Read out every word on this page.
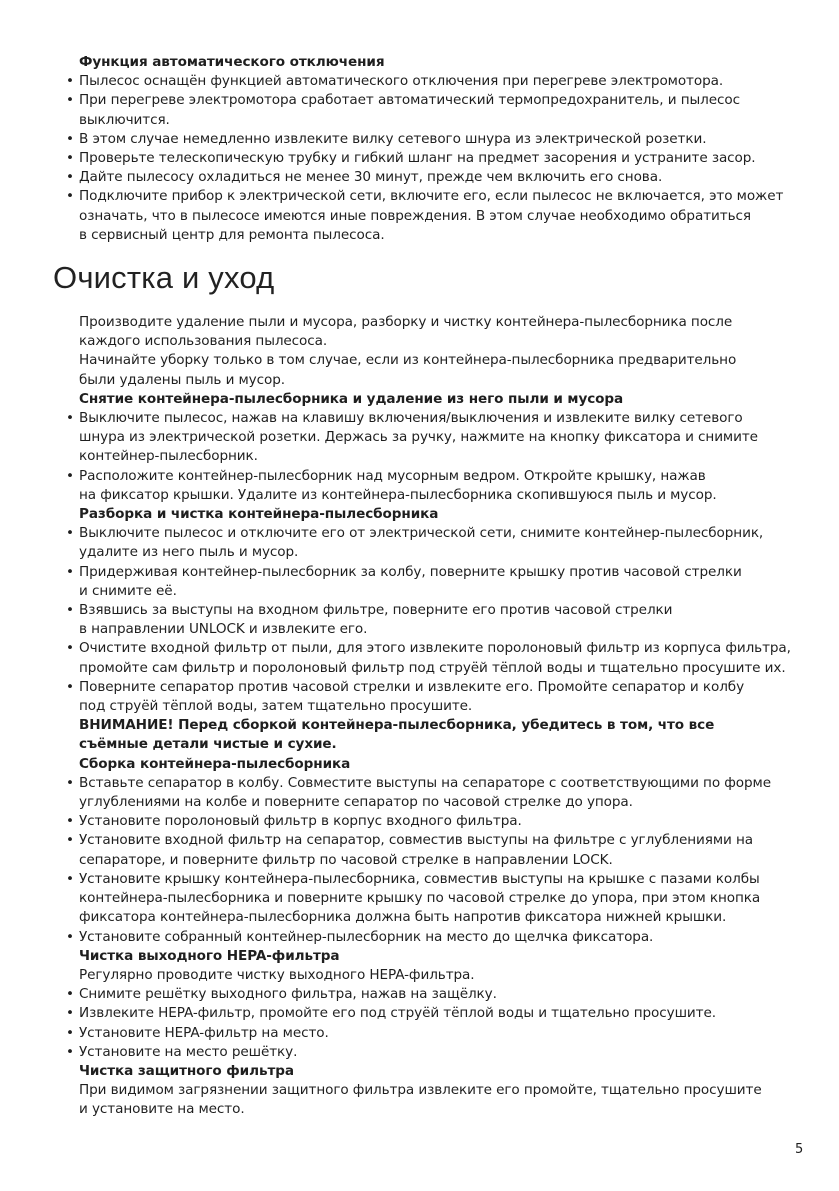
Функция автоматического отключения
• Пылесос оснащён функцией автоматического отключения при перегреве электромотора.
• При перегреве электромотора сработает автоматический термопредохранитель, и пылесос
выключится.
• В этом случае немедленно извлеките вилку сетевого шнура из электрической розетки.
• Проверьте телескопическую трубку и гибкий шланг на предмет засорения и устраните засор.
• Дайте пылесосу охладиться не менее 30 минут, прежде чем включить его снова.
• Подключите прибор к электрической сети, включите его, если пылесос не включается, это может
означать, что в пылесосе имеются иные повреждения. В этом случае необходимо обратиться
в сервисный центр для ремонта пылесоса.
Очистка и уход
Производите удаление пыли и мусора, разборку и чистку контейнера-пылесборника после
каждого использования пылесоса.
Начинайте уборку только в том случае, если из контейнера-пылесборника предварительно
были удалены пыль и мусор.
Снятие контейнера-пылесборника и удаление из него пыли и мусора
• Выключите пылесос, нажав на клавишу включения/выключения и извлеките вилку сетевого
шнура из электрической розетки. Держась за ручку, нажмите на кнопку фиксатора и снимите
контейнер-пылесборник.
• Расположите контейнер-пылесборник над мусорным ведром. Откройте крышку, нажав
на фиксатор крышки. Удалите из контейнера-пылесборника скопившуюся пыль и мусор.
Разборка и чистка контейнера-пылесборника
• Выключите пылесос и отключите его от электрической сети, снимите контейнер-пылесборник,
удалите из него пыль и мусор.
• Придерживая контейнер-пылесборник за колбу, поверните крышку против часовой стрелки
и снимите её.
• Взявшись за выступы на входном фильтре, поверните его против часовой стрелки
в направлении UNLOCK и извлеките его.
• Очистите входной фильтр от пыли, для этого извлеките поролоновый фильтр из корпуса фильтра,
промойте сам фильтр и поролоновый фильтр под струёй тёплой воды и тщательно просушите их.
• Поверните сепаратор против часовой стрелки и извлеките его. Промойте сепаратор и колбу
под струёй тёплой воды, затем тщательно просушите.
ВНИМАНИЕ! Перед сборкой контейнера-пылесборника, убедитесь в том, что все
съёмные детали чистые и сухие.
Сборка контейнера-пылесборника
• Вставьте сепаратор в колбу. Совместите выступы на сепараторе с соответствующими по форме
углублениями на колбе и поверните сепаратор по часовой стрелке до упора.
• Установите поролоновый фильтр в корпус входного фильтра.
• Установите входной фильтр на сепаратор, совместив выступы на фильтре с углублениями на
сепараторе, и поверните фильтр по часовой стрелке в направлении LOCK.
• Установите крышку контейнера-пылесборника, совместив выступы на крышке с пазами колбы
контейнера-пылесборника и поверните крышку по часовой стрелке до упора, при этом кнопка
фиксатора контейнера-пылесборника должна быть напротив фиксатора нижней крышки.
• Установите собранный контейнер-пылесборник на место до щелчка фиксатора.
Чистка выходного HEPA-фильтра
Регулярно проводите чистку выходного HEPA-фильтра.
• Снимите решётку выходного фильтра, нажав на защёлку.
• Извлеките HEPA-фильтр, промойте его под струёй тёплой воды и тщательно просушите.
• Установите HEPA-фильтр на место.
• Установите на место решётку.
Чистка защитного фильтра
При видимом загрязнении защитного фильтра извлеките его промойте, тщательно просушите
и установите на место.
5
